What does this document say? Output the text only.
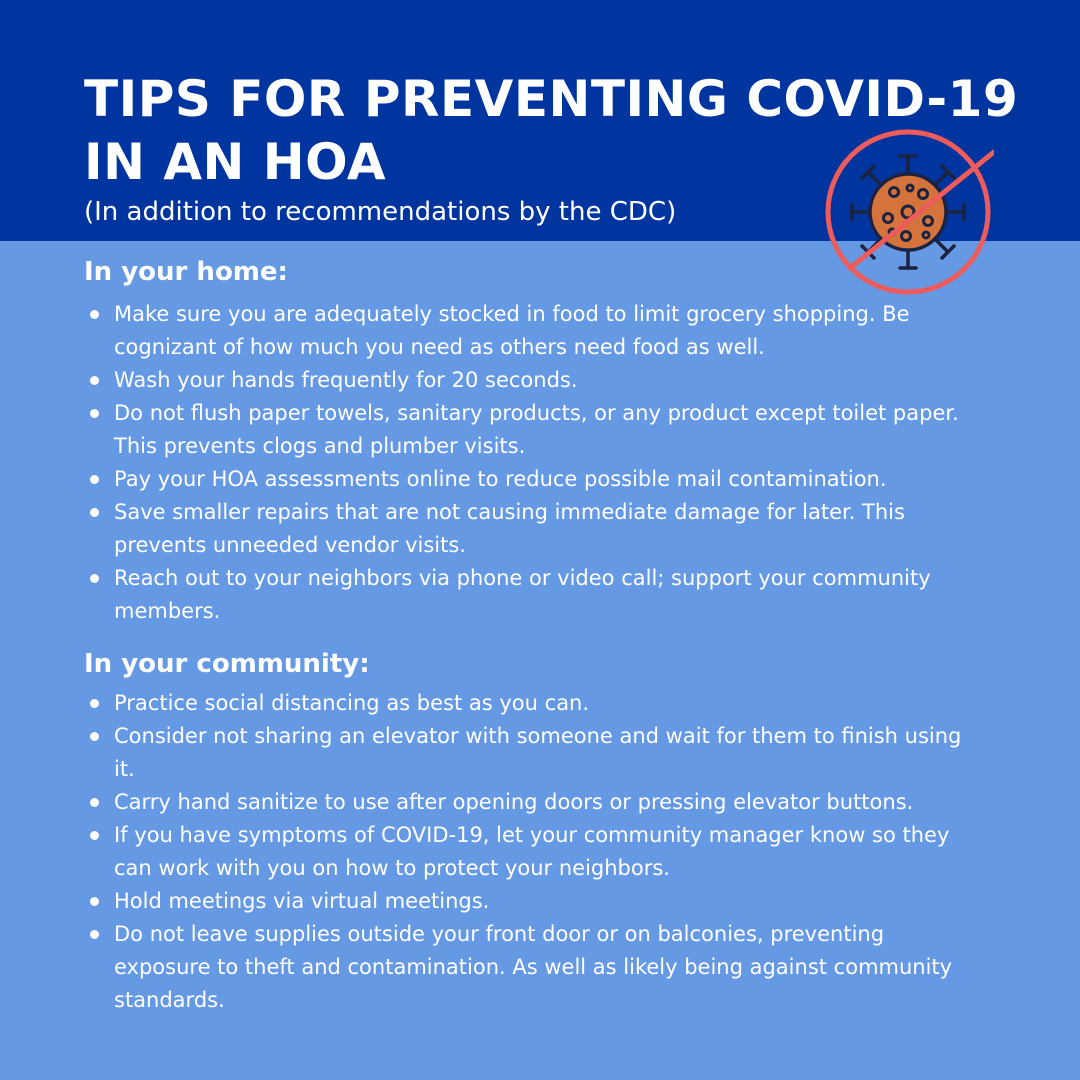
TIPS FOR PREVENTING COVID-19 IN AN HOA
(In addition to recommendations by the CDC)
In your home:
Make sure you are adequately stocked in food to limit grocery shopping. Be cognizant of how much you need as others need food as well.
Wash your hands frequently for 20 seconds.
Do not flush paper towels, sanitary products, or any product except toilet paper. This prevents clogs and plumber visits.
Pay your HOA assessments online to reduce possible mail contamination.
Save smaller repairs that are not causing immediate damage for later. This prevents unneeded vendor visits.
Reach out to your neighbors via phone or video call; support your community members.
In your community:
Practice social distancing as best as you can.
Consider not sharing an elevator with someone and wait for them to finish using it.
Carry hand sanitize to use after opening doors or pressing elevator buttons.
If you have symptoms of COVID-19, let your community manager know so they can work with you on how to protect your neighbors.
Hold meetings via virtual meetings.
Do not leave supplies outside your front door or on balconies, preventing exposure to theft and contamination. As well as likely being against community standards.
